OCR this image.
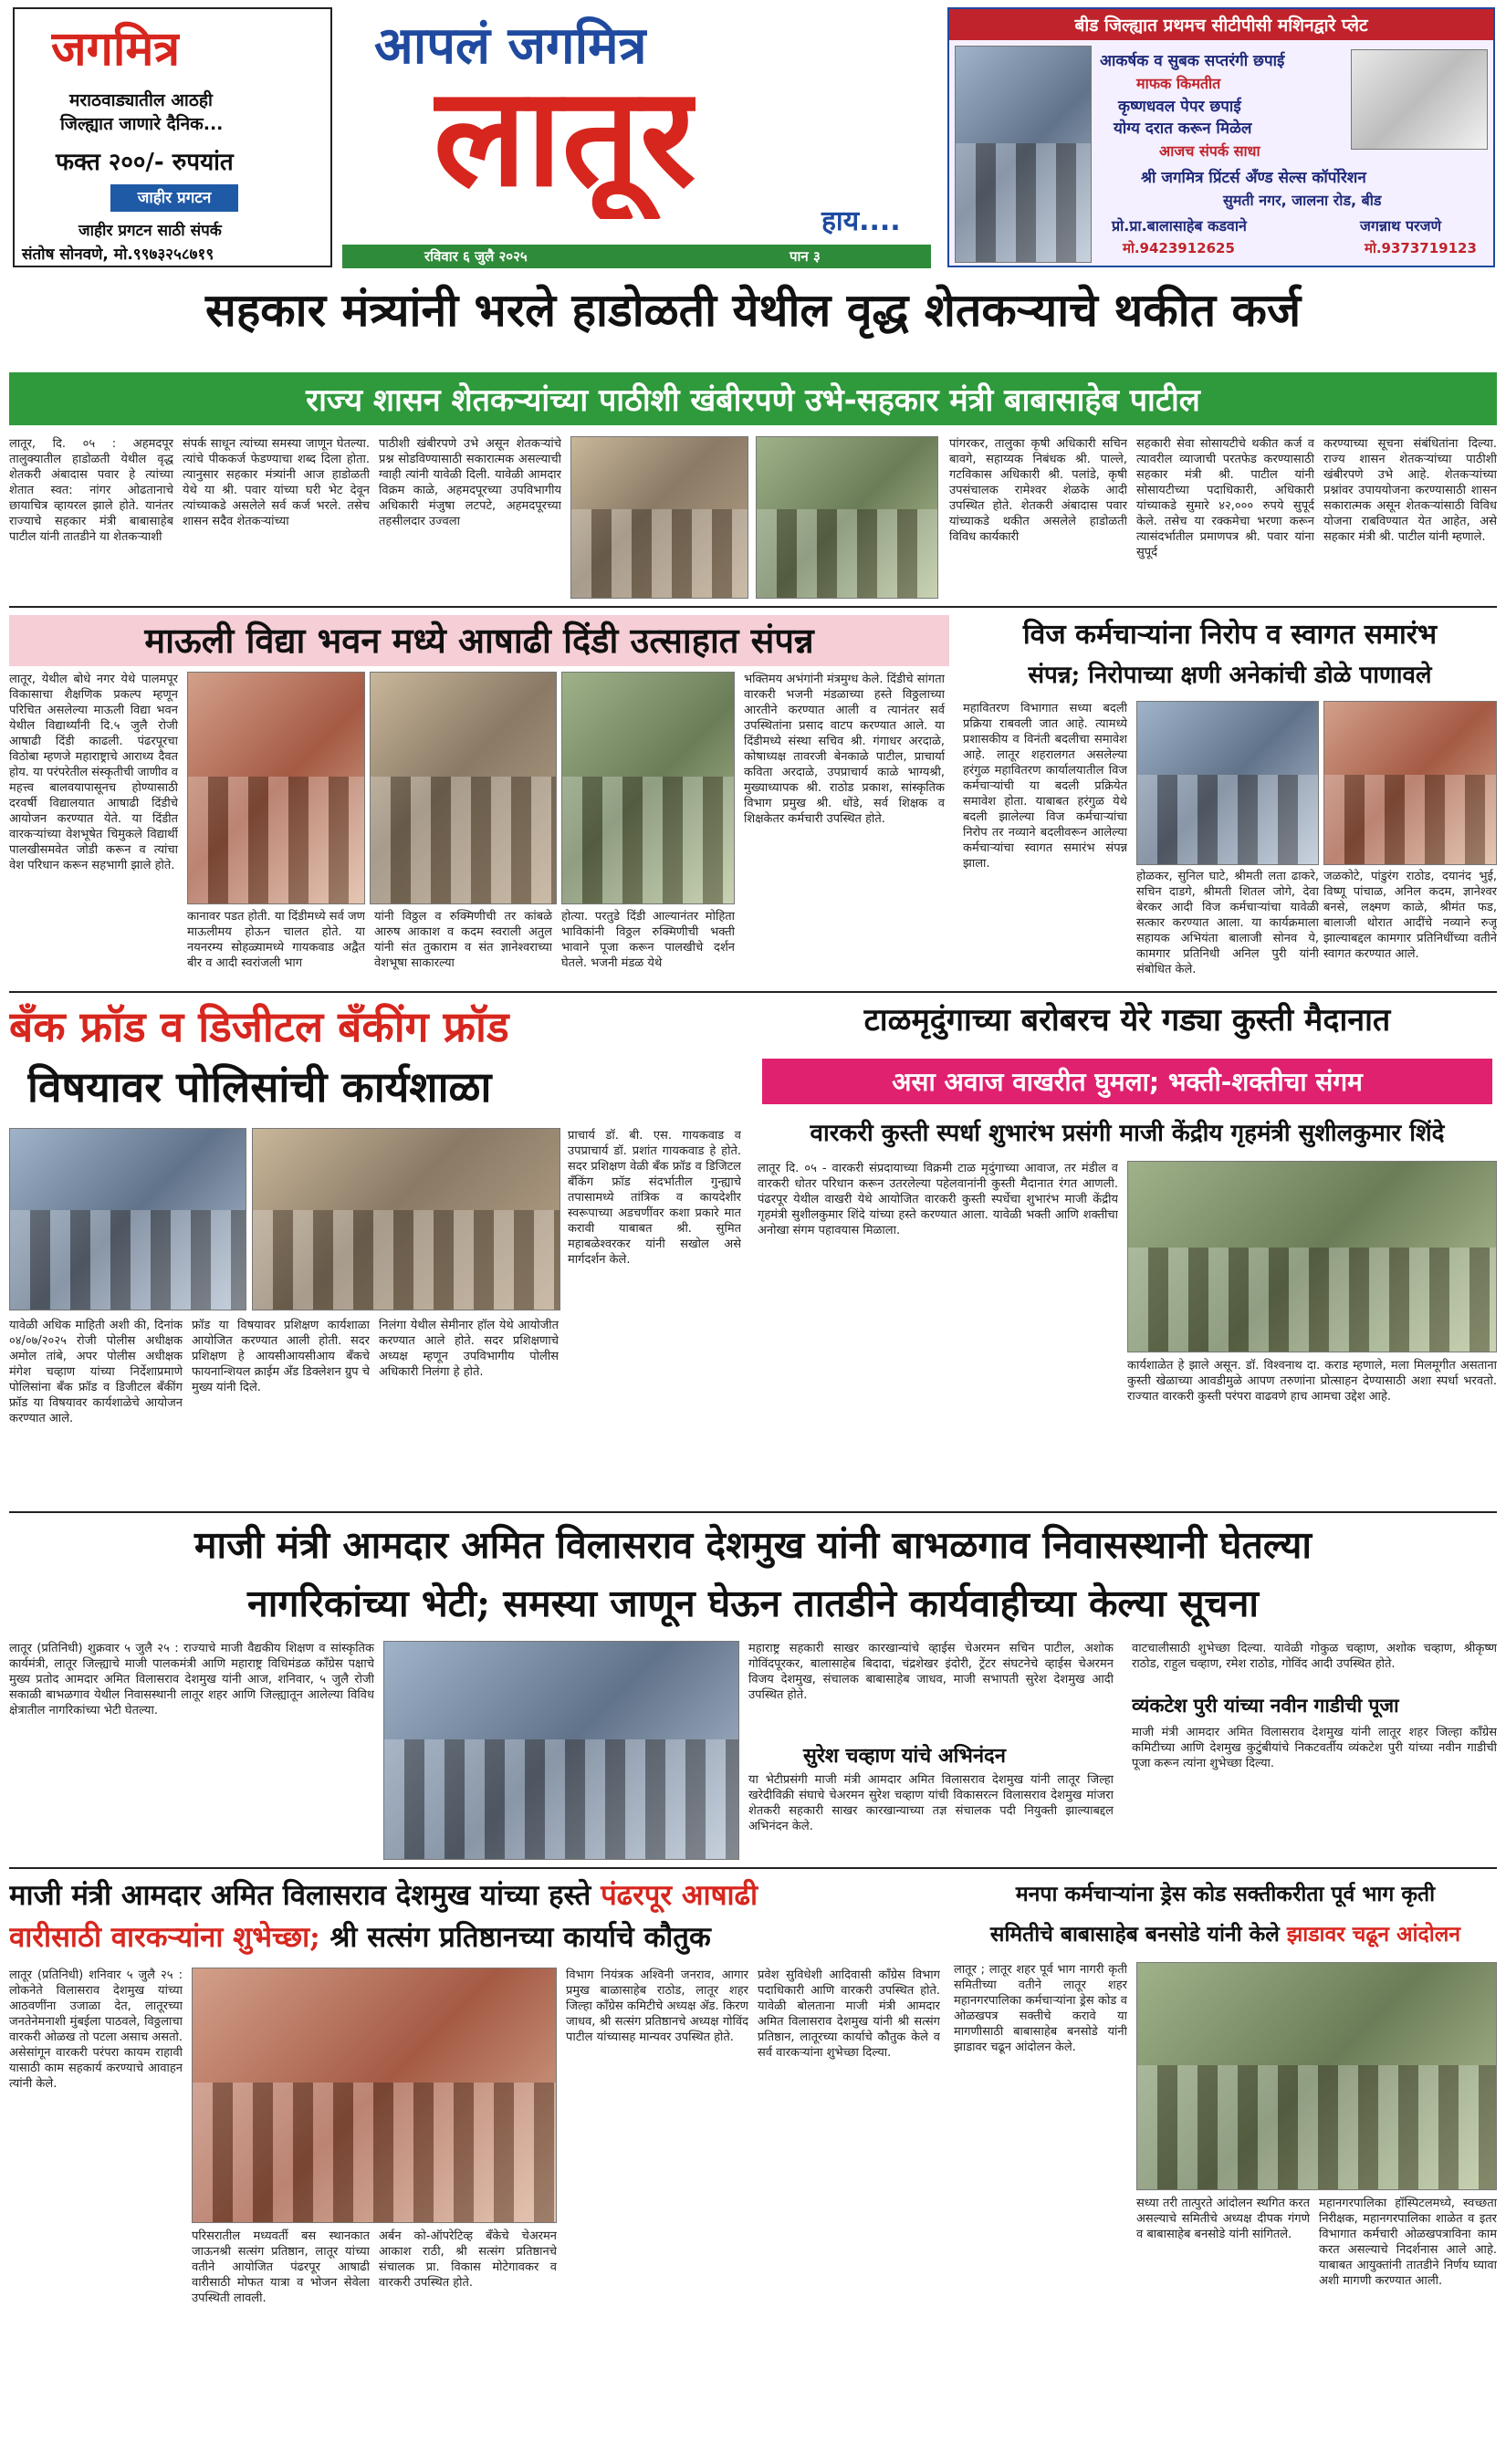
जगमित्र
मराठवाड्यातील आठही
जिल्ह्यात जाणारे दैनिक...
फक्त २००/- रुपयांत
जाहीर प्रगटन
जाहीर प्रगटन साठी संपर्क
संतोष सोनवणे, मो.९९७३२५८७१९
आपलं जगमित्र
लातूर
हाय....
रविवार ६ जुलै २०२५	पान ३
बीड जिल्ह्यात प्रथमच सीटीपीसी मशिनद्वारे प्लेट
आकर्षक व सुबक सप्तरंगी छपाई
माफक किमतीत
कृष्णधवल पेपर छपाई
योग्य दरात करून मिळेल
आजच संपर्क साधा
श्री जगमित्र प्रिंटर्स अँण्ड सेल्स कॉर्पोरेशन
सुमती नगर, जालना रोड, बीड
प्रो.प्रा.बालासाहेब कडवाने	जगन्नाथ परजणे
मो.9423912625	मो.9373719123
सहकार मंत्र्यांनी भरले हाडोळती येथील वृद्ध शेतकऱ्याचे थकीत कर्ज
राज्य शासन शेतकऱ्यांच्या पाठीशी खंबीरपणे उभे-सहकार मंत्री बाबासाहेब पाटील
लातूर, दि. ०५ : अहमदपूर तालुक्यातील हाडोळती येथील वृद्ध शेतकरी अंबादास पवार हे त्यांच्या शेतात स्वत: नांगर ओढतानाचे छायाचित्र व्हायरल झाले होते. यानंतर राज्याचे सहकार मंत्री बाबासाहेब पाटील यांनी तातडीने या शेतकऱ्याशी
संपर्क साधून त्यांच्या समस्या जाणून घेतल्या. त्यांचे पीककर्ज फेडण्याचा शब्द दिला होता. त्यानुसार सहकार मंत्र्यांनी आज हाडोळती येथे या श्री. पवार यांच्या घरी भेट देवून त्यांच्याकडे असलेले सर्व कर्ज भरले. तसेच शासन सदैव शेतकऱ्यांच्या
पाठीशी खंबीरपणे उभे असून शेतकऱ्यांचे प्रश्न सोडविण्यासाठी सकारात्मक असल्याची ग्वाही त्यांनी यावेळी दिली. यावेळी आमदार विक्रम काळे, अहमदपूरच्या उपविभागीय अधिकारी मंजुषा लटपटे, अहमदपूरच्या तहसीलदार उज्वला
पांगरकर, तालुका कृषी अधिकारी सचिन बावगे, सहाय्यक निबंधक श्री. पाल्ले, गटविकास अधिकारी श्री. पलांडे, कृषी उपसंचालक रामेश्वर शेळके आदी उपस्थित होते. शेतकरी अंबादास पवार यांच्याकडे थकीत असलेले हाडोळती विविध कार्यकारी
सहकारी सेवा सोसायटीचे थकीत कर्ज व त्यावरील व्याजाची परतफेड करण्यासाठी सहकार मंत्री श्री. पाटील यांनी सोसायटीच्या पदाधिकारी, अधिकारी यांच्याकडे सुमारे ४२,००० रुपये सुपूर्द केले. तसेच या रक्कमेचा भरणा करून त्यासंदर्भातील प्रमाणपत्र श्री. पवार यांना सुपूर्द
करण्याच्या सूचना संबंधितांना दिल्या. राज्य शासन शेतकऱ्यांच्या पाठीशी खंबीरपणे उभे आहे. शेतकऱ्यांच्या प्रश्नांवर उपाययोजना करण्यासाठी शासन सकारात्मक असून शेतकऱ्यांसाठी विविध योजना राबविण्यात येत आहेत, असे सहकार मंत्री श्री. पाटील यांनी म्हणाले.
माऊली विद्या भवन मध्ये आषाढी दिंडी उत्साहात संपन्न
लातूर, येथील बोधे नगर येथे पालमपूर विकासाचा शैक्षणिक प्रकल्प म्हणून परिचित असलेल्या माऊली विद्या भवन येथील विद्यार्थ्यांनी दि.५ जुलै रोजी आषाढी दिंडी काढली. पंढरपूरचा विठोबा म्हणजे महाराष्ट्राचे आराध्य दैवत होय. या परंपरेतील संस्कृतीची जाणीव व महत्त्व बालवयापासूनच होण्यासाठी दरवर्षी विद्यालयात आषाढी दिंडीचे आयोजन करण्यात येते. या दिंडीत वारकऱ्यांच्या वेशभूषेत चिमुकले विद्यार्थी पालखीसमवेत जोडी करून व त्यांचा वेश परिधान करून सहभागी झाले होते.
कानावर पडत होती. या दिंडीमध्ये सर्व जण माऊलीमय होऊन चालत होते. या नयनरम्य सोहळ्यामध्ये गायकवाड अद्वैत बीर व आदी स्वरांजली भाग
यांनी विठ्ठल व रुक्मिणीची तर कांबळे आरुष आकाश व कदम स्वराली अतुल यांनी संत तुकाराम व संत ज्ञानेश्वराच्या वेशभूषा साकारल्या
होत्या. परतुडे दिंडी आल्यानंतर मोहिता भाविकांनी विठ्ठल रुक्मिणीची भक्ती भावाने पूजा करून पालखीचे दर्शन घेतले. भजनी मंडळ येथे
भक्तिमय अभंगांनी मंत्रमुग्ध केले. दिंडीचे सांगता वारकरी भजनी मंडळाच्या हस्ते विठ्ठलाच्या आरतीने करण्यात आली व त्यानंतर सर्व उपस्थितांना प्रसाद वाटप करण्यात आले. या दिंडीमध्ये संस्था सचिव श्री. गंगाधर अरदाळे, कोषाध्यक्ष तावरजी बेनकाळे पाटील, प्राचार्या कविता अरदाळे, उपप्राचार्य काळे भाग्यश्री, मुख्याध्यापक श्री. राठोड प्रकाश, सांस्कृतिक विभाग प्रमुख श्री. धोंडे, सर्व शिक्षक व शिक्षकेतर कर्मचारी उपस्थित होते.
विज कर्मचाऱ्यांना निरोप व स्वागत समारंभ
संपन्न; निरोपाच्या क्षणी अनेकांची डोळे पाणावले
महावितरण विभागात सध्या बदली प्रक्रिया राबवली जात आहे. त्यामध्ये प्रशासकीय व विनंती बदलीचा समावेश आहे. लातूर शहरालगत असलेल्या हरंगुळ महावितरण कार्यालयातील विज कर्मचाऱ्यांची या बदली प्रक्रियेत समावेश होता. याबाबत हरंगुळ येथे बदली झालेल्या विज कर्मचाऱ्यांचा निरोप तर नव्याने बदलीवरून आलेल्या कर्मचाऱ्यांचा स्वागत समारंभ संपन्न झाला.
होळकर, सुनिल घाटे, श्रीमती लता ढाकरे, सचिन दाडगे, श्रीमती शितल जोगे, देवा बेरकर आदी विज कर्मचाऱ्यांचा यावेळी सत्कार करण्यात आला. या कार्यक्रमाला सहायक अभियंता बालाजी सोनव ये, कामगार प्रतिनिधी अनिल पुरी यांनी संबोधित केले.
जळकोटे, पांडुरंग राठोड, दयानंद भुई, विष्णू पांचाळ, अनिल कदम, ज्ञानेश्वर बनसे, लक्ष्मण काळे, श्रीमंत फड, बालाजी थोरात आदींचे नव्याने रुजू झाल्याबद्दल कामगार प्रतिनिधींच्या वतीने स्वागत करण्यात आले.
बँक फ्रॉड व डिजीटल बँकींग फ्रॉड
विषयावर पोलिसांची कार्यशाळा
प्राचार्य डॉ. बी. एस. गायकवाड व उपप्राचार्य डॉ. प्रशांत गायकवाड हे होते. सदर प्रशिक्षण वेळी बँक फ्रॉड व डिजिटल बँकिंग फ्रॉड संदर्भातील गुन्ह्याचे तपासामध्ये तांत्रिक व कायदेशीर स्वरूपाच्या अडचणींवर कशा प्रकारे मात करावी याबाबत श्री. सुमित महाबळेश्वरकर यांनी सखोल असे मार्गदर्शन केले.
यावेळी अधिक माहिती अशी की, दिनांक ०४/०७/२०२५ रोजी पोलीस अधीक्षक अमोल तांबे, अपर पोलीस अधीक्षक मंगेश चव्हाण यांच्या निर्देशाप्रमाणे पोलिसांना बँक फ्रॉड व डिजीटल बँकींग फ्रॉड या विषयावर कार्यशाळेचे आयोजन करण्यात आले.
फ्रॉड या विषयावर प्रशिक्षण कार्यशाळा आयोजित करण्यात आली होती. सदर प्रशिक्षण हे आयसीआयसीआय बँकचे फायनान्शियल क्राईम अँड डिक्लेशन ग्रुप चे मुख्य यांनी दिले.
निलंगा येथील सेमीनार हॉल येथे आयोजीत करण्यात आले होते. सदर प्रशिक्षणाचे अध्यक्ष म्हणून उपविभागीय पोलीस अधिकारी निलंगा हे होते.
टाळमृदुंगाच्या बरोबरच येरे गड्या कुस्ती मैदानात
असा अवाज वाखरीत घुमला; भक्ती-शक्तीचा संगम
वारकरी कुस्ती स्पर्धा शुभारंभ प्रसंगी माजी केंद्रीय गृहमंत्री सुशीलकुमार शिंदे
लातूर दि. ०५ - वारकरी संप्रदायाच्या विक्रमी टाळ मृदुंगाच्या आवाज, तर मंडील व वारकरी धोतर परिधान करून उतरलेल्या पहेलवानांनी कुस्ती मैदानात रंगत आणली. पंढरपूर येथील वाखरी येथे आयोजित वारकरी कुस्ती स्पर्धेचा शुभारंभ माजी केंद्रीय गृहमंत्री सुशीलकुमार शिंदे यांच्या हस्ते करण्यात आला. यावेळी भक्ती आणि शक्तीचा अनोखा संगम पहावयास मिळाला.
कार्यशाळेत हे झाले असून. डॉ. विश्वनाथ दा. कराड म्हणाले, मला मिलमूगीत असताना कुस्ती खेळाच्या आवडीमुळे आपण तरुणांना प्रोत्साहन देण्यासाठी अशा स्पर्धा भरवतो. राज्यात वारकरी कुस्ती परंपरा वाढवणे हाच आमचा उद्देश आहे.
माजी मंत्री आमदार अमित विलासराव देशमुख यांनी बाभळगाव निवासस्थानी घेतल्या
नागरिकांच्या भेटी; समस्या जाणून घेऊन तातडीने कार्यवाहीच्या केल्या सूचना
लातूर (प्रतिनिधी) शुक्रवार ५ जुलै २५ : राज्याचे माजी वैद्यकीय शिक्षण व सांस्कृतिक कार्यमंत्री, लातूर जिल्ह्याचे माजी पालकमंत्री आणि महाराष्ट्र विधिमंडळ काँग्रेस पक्षाचे मुख्य प्रतोद आमदार अमित विलासराव देशमुख यांनी आज, शनिवार, ५ जुलै रोजी सकाळी बाभळगाव येथील निवासस्थानी लातूर शहर आणि जिल्ह्यातून आलेल्या विविध क्षेत्रातील नागरिकांच्या भेटी घेतल्या.
महाराष्ट्र सहकारी साखर कारखान्यांचे व्हाईस चेअरमन सचिन पाटील, अशोक गोविंदपूरकर, बालासाहेब बिदादा, चंद्रशेखर इंदोरी, ट्रेंटर संघटनेचे व्हाईस चेअरमन विजय देशमुख, संचालक बाबासाहेब जाधव, माजी सभापती सुरेश देशमुख आदी उपस्थित होते.
सुरेश चव्हाण यांचे अभिनंदन
या भेटीप्रसंगी माजी मंत्री आमदार अमित विलासराव देशमुख यांनी लातूर जिल्हा खरेदीविक्री संघाचे चेअरमन सुरेश चव्हाण यांची विकासरत्न विलासराव देशमुख मांजरा शेतकरी सहकारी साखर कारखान्याच्या तज्ञ संचालक पदी नियुक्ती झाल्याबद्दल अभिनंदन केले.
वाटचालीसाठी शुभेच्छा दिल्या. यावेळी गोकुळ चव्हाण, अशोक चव्हाण, श्रीकृष्ण राठोड, राहुल चव्हाण, रमेश राठोड, गोविंद आदी उपस्थित होते.
व्यंकटेश पुरी यांच्या नवीन गाडीची पूजा
माजी मंत्री आमदार अमित विलासराव देशमुख यांनी लातूर शहर जिल्हा काँग्रेस कमिटीच्या आणि देशमुख कुटुंबीयांचे निकटवर्तीय व्यंकटेश पुरी यांच्या नवीन गाडीची पूजा करून त्यांना शुभेच्छा दिल्या.
माजी मंत्री आमदार अमित विलासराव देशमुख यांच्या हस्ते पंढरपूर आषाढी
वारीसाठी वारकऱ्यांना शुभेच्छा; श्री सत्संग प्रतिष्ठानच्या कार्याचे कौतुक
लातूर (प्रतिनिधी) शनिवार ५ जुलै २५ : लोकनेते विलासराव देशमुख यांच्या आठवणींना उजाळा देत, लातूरच्या जनतेनेमनाशी मुंबईला पाठवले, विठ्ठलाचा वारकरी ओळख तो पटला असाच असतो. असेसांगून वारकरी परंपरा कायम राहावी यासाठी काम सहकार्य करण्याचे आवाहन त्यांनी केले.
परिसरातील मध्यवर्ती बस स्थानकात जाऊनश्री सत्संग प्रतिष्ठान, लातूर यांच्या वतीने आयोजित पंढरपूर आषाढी वारीसाठी मोफत यात्रा व भोजन सेवेला उपस्थिती लावली.
अर्बन को-ऑपरेटिव्ह बँकेचे चेअरमन आकाश राठी, श्री सत्संग प्रतिष्ठानचे संचालक प्रा. विकास मोटेगावकर व वारकरी उपस्थित होते.
विभाग नियंत्रक अश्विनी जनराव, आगार प्रमुख बाळासाहेब राठोड, लातूर शहर जिल्हा काँग्रेस कमिटीचे अध्यक्ष ॲड. किरण जाधव, श्री सत्संग प्रतिष्ठानचे अध्यक्ष गोविंद पाटील यांच्यासह मान्यवर उपस्थित होते.
प्रवेश सुविधेशी आदिवासी काँग्रेस विभाग पदाधिकारी आणि वारकरी उपस्थित होते. यावेळी बोलताना माजी मंत्री आमदार अमित विलासराव देशमुख यांनी श्री सत्संग प्रतिष्ठान, लातूरच्या कार्याचे कौतुक केले व सर्व वारकऱ्यांना शुभेच्छा दिल्या.
मनपा कर्मचाऱ्यांना ड्रेस कोड सक्तीकरीता पूर्व भाग कृती
समितीचे बाबासाहेब बनसोडे यांनी केले झाडावर चढून आंदोलन
लातूर ; लातूर शहर पूर्व भाग नागरी कृती समितीच्या वतीने लातूर शहर महानगरपालिका कर्मचाऱ्यांना ड्रेस कोड व ओळखपत्र सक्तीचे करावे या मागणीसाठी बाबासाहेब बनसोडे यांनी झाडावर चढून आंदोलन केले.
सध्या तरी तात्पुरते आंदोलन स्थगित करत असल्याचे समितीचे अध्यक्ष दीपक गंगणे व बाबासाहेब बनसोडे यांनी सांगितले.
महानगरपालिका हॉस्पिटलमध्ये, स्वच्छता निरीक्षक, महानगरपालिका शाळेत व इतर विभागात कर्मचारी ओळखपत्राविना काम करत असल्याचे निदर्शनास आले आहे. याबाबत आयुक्तांनी तातडीने निर्णय घ्यावा अशी मागणी करण्यात आली.
